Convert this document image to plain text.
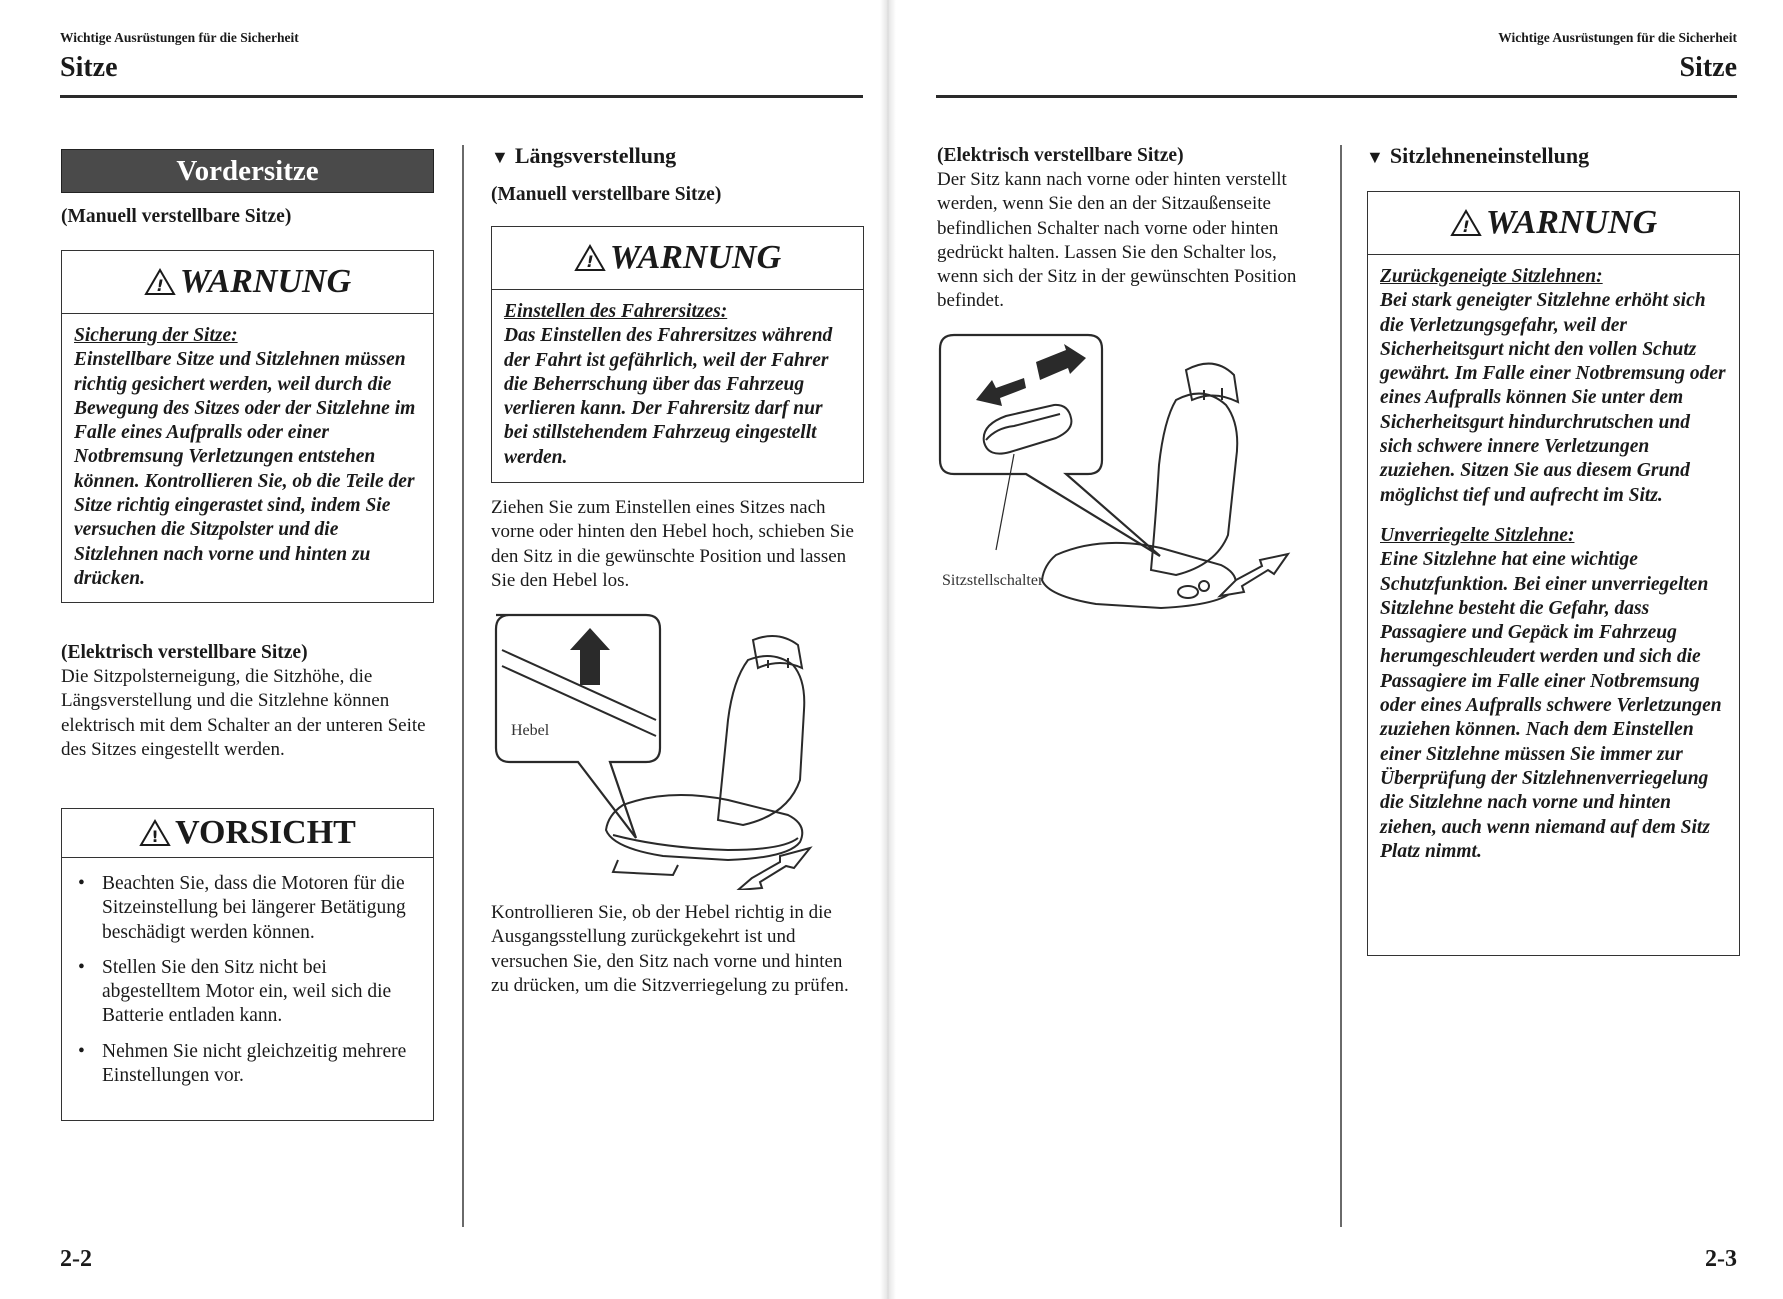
Wichtige Ausrüstungen für die Sicherheit
Sitze
Vordersitze
(Manuell verstellbare Sitze)
! WARNUNG
Sicherung der Sitze:

Einstellbare Sitze und Sitzlehnen müssen richtig gesichert werden, weil durch die Bewegung des Sitzes oder der Sitzlehne im Falle eines Aufpralls oder einer Notbremsung Verletzungen entstehen können. Kontrollieren Sie, ob die Teile der Sitze richtig eingerastet sind, indem Sie versuchen die Sitzpolster und die Sitzlehnen nach vorne und hinten zu drücken.

(Elektrisch verstellbare Sitze)
Die Sitzpolsterneigung, die Sitzhöhe, die Längsverstellung und die Sitzlehne können elektrisch mit dem Schalter an der unteren Seite des Sitzes eingestellt werden.
! VORSICHT
• Beachten Sie, dass die Motoren für die Sitzeinstellung bei längerer Betätigung beschädigt werden können.
• Stellen Sie den Sitz nicht bei abgestelltem Motor ein, weil sich die Batterie entladen kann.
• Nehmen Sie nicht gleichzeitig mehrere Einstellungen vor.
▼ Längsverstellung
(Manuell verstellbare Sitze)
! WARNUNG
Einstellen des Fahrersitzes:

Das Einstellen des Fahrersitzes während der Fahrt ist gefährlich, weil der Fahrer die Beherrschung über das Fahrzeug verlieren kann. Der Fahrersitz darf nur bei stillstehendem Fahrzeug eingestellt werden.

Ziehen Sie zum Einstellen eines Sitzes nach vorne oder hinten den Hebel hoch, schieben Sie den Sitz in die gewünschte Position und lassen Sie den Hebel los.
Hebel
Kontrollieren Sie, ob der Hebel richtig in die Ausgangsstellung zurückgekehrt ist und versuchen Sie, den Sitz nach vorne und hinten zu drücken, um die Sitzverriegelung zu prüfen.
2-2
Wichtige Ausrüstungen für die Sicherheit
Sitze
(Elektrisch verstellbare Sitze)
Der Sitz kann nach vorne oder hinten verstellt werden, wenn Sie den an der Sitzaußenseite befindlichen Schalter nach vorne oder hinten gedrückt halten. Lassen Sie den Schalter los, wenn sich der Sitz in der gewünschten Position befindet.
Sitzstellschalter
▼ Sitzlehneneinstellung
! WARNUNG
Zurückgeneigte Sitzlehnen:

Bei stark geneigter Sitzlehne erhöht sich die Verletzungsgefahr, weil der Sicherheitsgurt nicht den vollen Schutz gewährt. Im Falle einer Notbremsung oder eines Aufpralls können Sie unter dem Sicherheitsgurt hindurchrutschen und sich schwere innere Verletzungen zuziehen. Sitzen Sie aus diesem Grund möglichst tief und aufrecht im Sitz.

Unverriegelte Sitzlehne:

Eine Sitzlehne hat eine wichtige Schutzfunktion. Bei einer unverriegelten Sitzlehne besteht die Gefahr, dass Passagiere und Gepäck im Fahrzeug herumgeschleudert werden und sich die Passagiere im Falle einer Notbremsung oder eines Aufpralls schwere Verletzungen zuziehen können. Nach dem Einstellen einer Sitzlehne müssen Sie immer zur Überprüfung der Sitzlehnenverriegelung die Sitzlehne nach vorne und hinten ziehen, auch wenn niemand auf dem Sitz Platz nimmt.

2-3
